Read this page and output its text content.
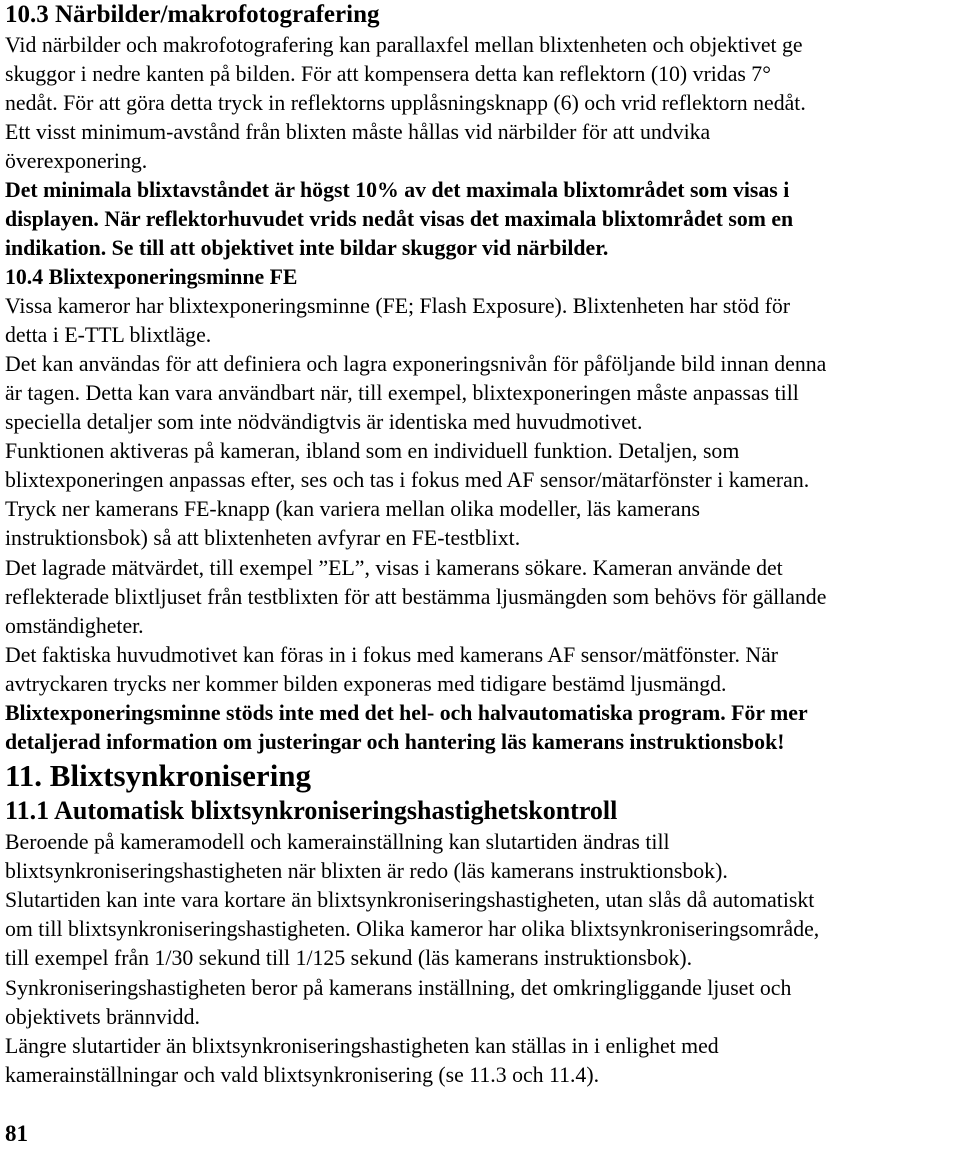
10.3 Närbilder/makrofotografering
Vid närbilder och makrofotografering kan parallaxfel mellan blixtenheten och objektivet ge
skuggor i nedre kanten på bilden. För att kompensera detta kan reflektorn (10) vridas 7°
nedåt. För att göra detta tryck in reflektorns upplåsningsknapp (6) och vrid reflektorn nedåt.
Ett visst minimum-avstånd från blixten måste hållas vid närbilder för att undvika
överexponering.
Det minimala blixtavståndet är högst 10% av det maximala blixtområdet som visas i
displayen. När reflektorhuvudet vrids nedåt visas det maximala blixtområdet som en
indikation. Se till att objektivet inte bildar skuggor vid närbilder.
10.4 Blixtexponeringsminne FE
Vissa kameror har blixtexponeringsminne (FE; Flash Exposure). Blixtenheten har stöd för
detta i E-TTL blixtläge.
Det kan användas för att definiera och lagra exponeringsnivån för påföljande bild innan denna
är tagen. Detta kan vara användbart när, till exempel, blixtexponeringen måste anpassas till
speciella detaljer som inte nödvändigtvis är identiska med huvudmotivet.
Funktionen aktiveras på kameran, ibland som en individuell funktion. Detaljen, som
blixtexponeringen anpassas efter, ses och tas i fokus med AF sensor/mätarfönster i kameran.
Tryck ner kamerans FE-knapp (kan variera mellan olika modeller, läs kamerans
instruktionsbok) så att blixtenheten avfyrar en FE-testblixt.
Det lagrade mätvärdet, till exempel ”EL”, visas i kamerans sökare. Kameran använde det
reflekterade blixtljuset från testblixten för att bestämma ljusmängden som behövs för gällande
omständigheter.
Det faktiska huvudmotivet kan föras in i fokus med kamerans AF sensor/mätfönster. När
avtryckaren trycks ner kommer bilden exponeras med tidigare bestämd ljusmängd.
Blixtexponeringsminne stöds inte med det hel- och halvautomatiska program. För mer
detaljerad information om justeringar och hantering läs kamerans instruktionsbok!
11. Blixtsynkronisering
11.1 Automatisk blixtsynkroniseringshastighetskontroll
Beroende på kameramodell och kamerainställning kan slutartiden ändras till
blixtsynkroniseringshastigheten när blixten är redo (läs kamerans instruktionsbok).
Slutartiden kan inte vara kortare än blixtsynkroniseringshastigheten, utan slås då automatiskt
om till blixtsynkroniseringshastigheten. Olika kameror har olika blixtsynkroniseringsområde,
till exempel från 1/30 sekund till 1/125 sekund (läs kamerans instruktionsbok).
Synkroniseringshastigheten beror på kamerans inställning, det omkringliggande ljuset och
objektivets brännvidd.
Längre slutartider än blixtsynkroniseringshastigheten kan ställas in i enlighet med
kamerainställningar och vald blixtsynkronisering (se 11.3 och 11.4).
81
